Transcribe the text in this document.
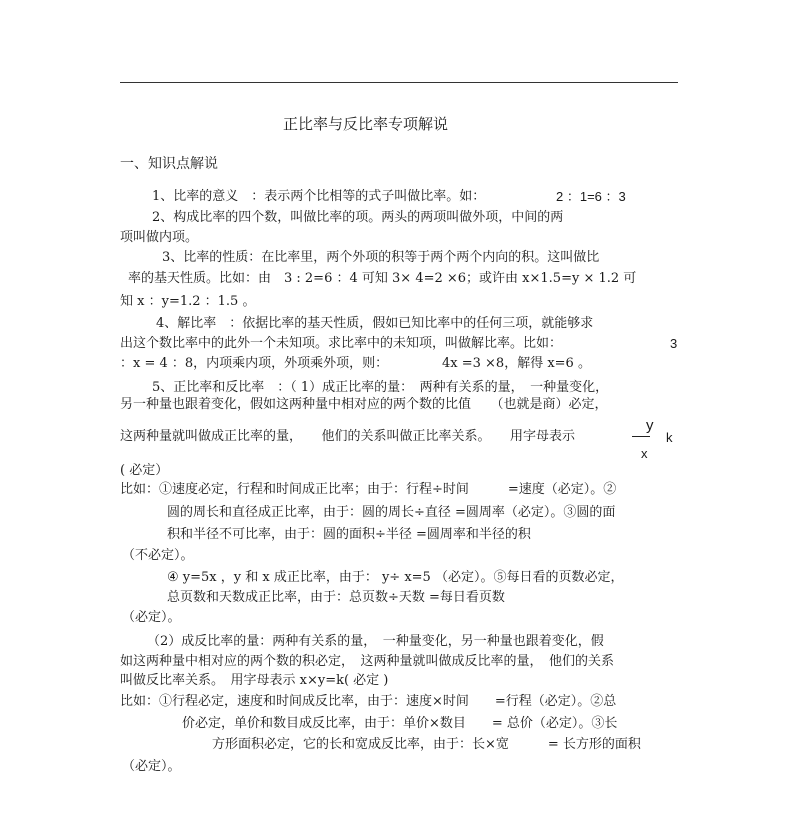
正比率与反比率专项解说
一、知识点解说
1、比率的意义　：表示两个比相等的式子叫做比率。如：	2 ：1=6 ：3
2、构成比率的四个数，叫做比率的项。两头的两项叫做外项，中间的两
项叫做内项。
3、比率的性质：在比率里，两个外项的积等于两个两个内向的积。这叫做比
率的基天性质。比如：由　3 : 2=6 ：4 可知 3× 4=2 ×6；或许由 x×1.5=y × 1.2 可
知 x ：y=1.2 ：1.5 。
4、解比率　：依据比率的基天性质，假如已知比率中的任何三项，就能够求
出这个数比率中的此外一个未知项。求比率中的未知项，叫做解比率。比如：	3
：x = 4 ：8，内项乘内项，外项乘外项，则：	4x =3 ×8，解得 x=6 。
5、正比率和反比率　：（ 1）成正比率的量：　两种有关系的量，　一种量变化，
另一种量也跟着变化，假如这两种量中相对应的两个数的比值　　（也就是商）必定，
这两种量就叫做成正比率的量，　　他们的关系叫做正比率关系。　　用字母表示
y
x
k
( 必定）
比如：①速度必定，行程和时间成正比率；由于：行程÷时间　　　=速度（必定）。②
圆的周长和直径成正比率，由于：圆的周长÷直径 =圆周率（必定）。③圆的面
积和半径不可比率，由于：圆的面积÷半径 =圆周率和半径的积
（不必定）。
④ y=5x ，y 和 x 成正比率，由于： y÷ x=5 （必定）。⑤每日看的页数必定，
总页数和天数成正比率，由于：总页数÷天数 =每日看页数
（必定）。
（2）成反比率的量：两种有关系的量，　一种量变化，另一种量也跟着变化，假
如这两种量中相对应的两个数的积必定，　这两种量就叫做成反比率的量，　他们的关系
叫做反比率关系。　用字母表示 x×y=k( 必定 )
比如：①行程必定，速度和时间成反比率，由于：速度×时间　　=行程（必定）。②总
价必定，单价和数目成反比率，由于：单价×数目　　= 总价（必定）。③长
方形面积必定，它的长和宽成反比率，由于：长×宽　　　= 长方形的面积
（必定）。
